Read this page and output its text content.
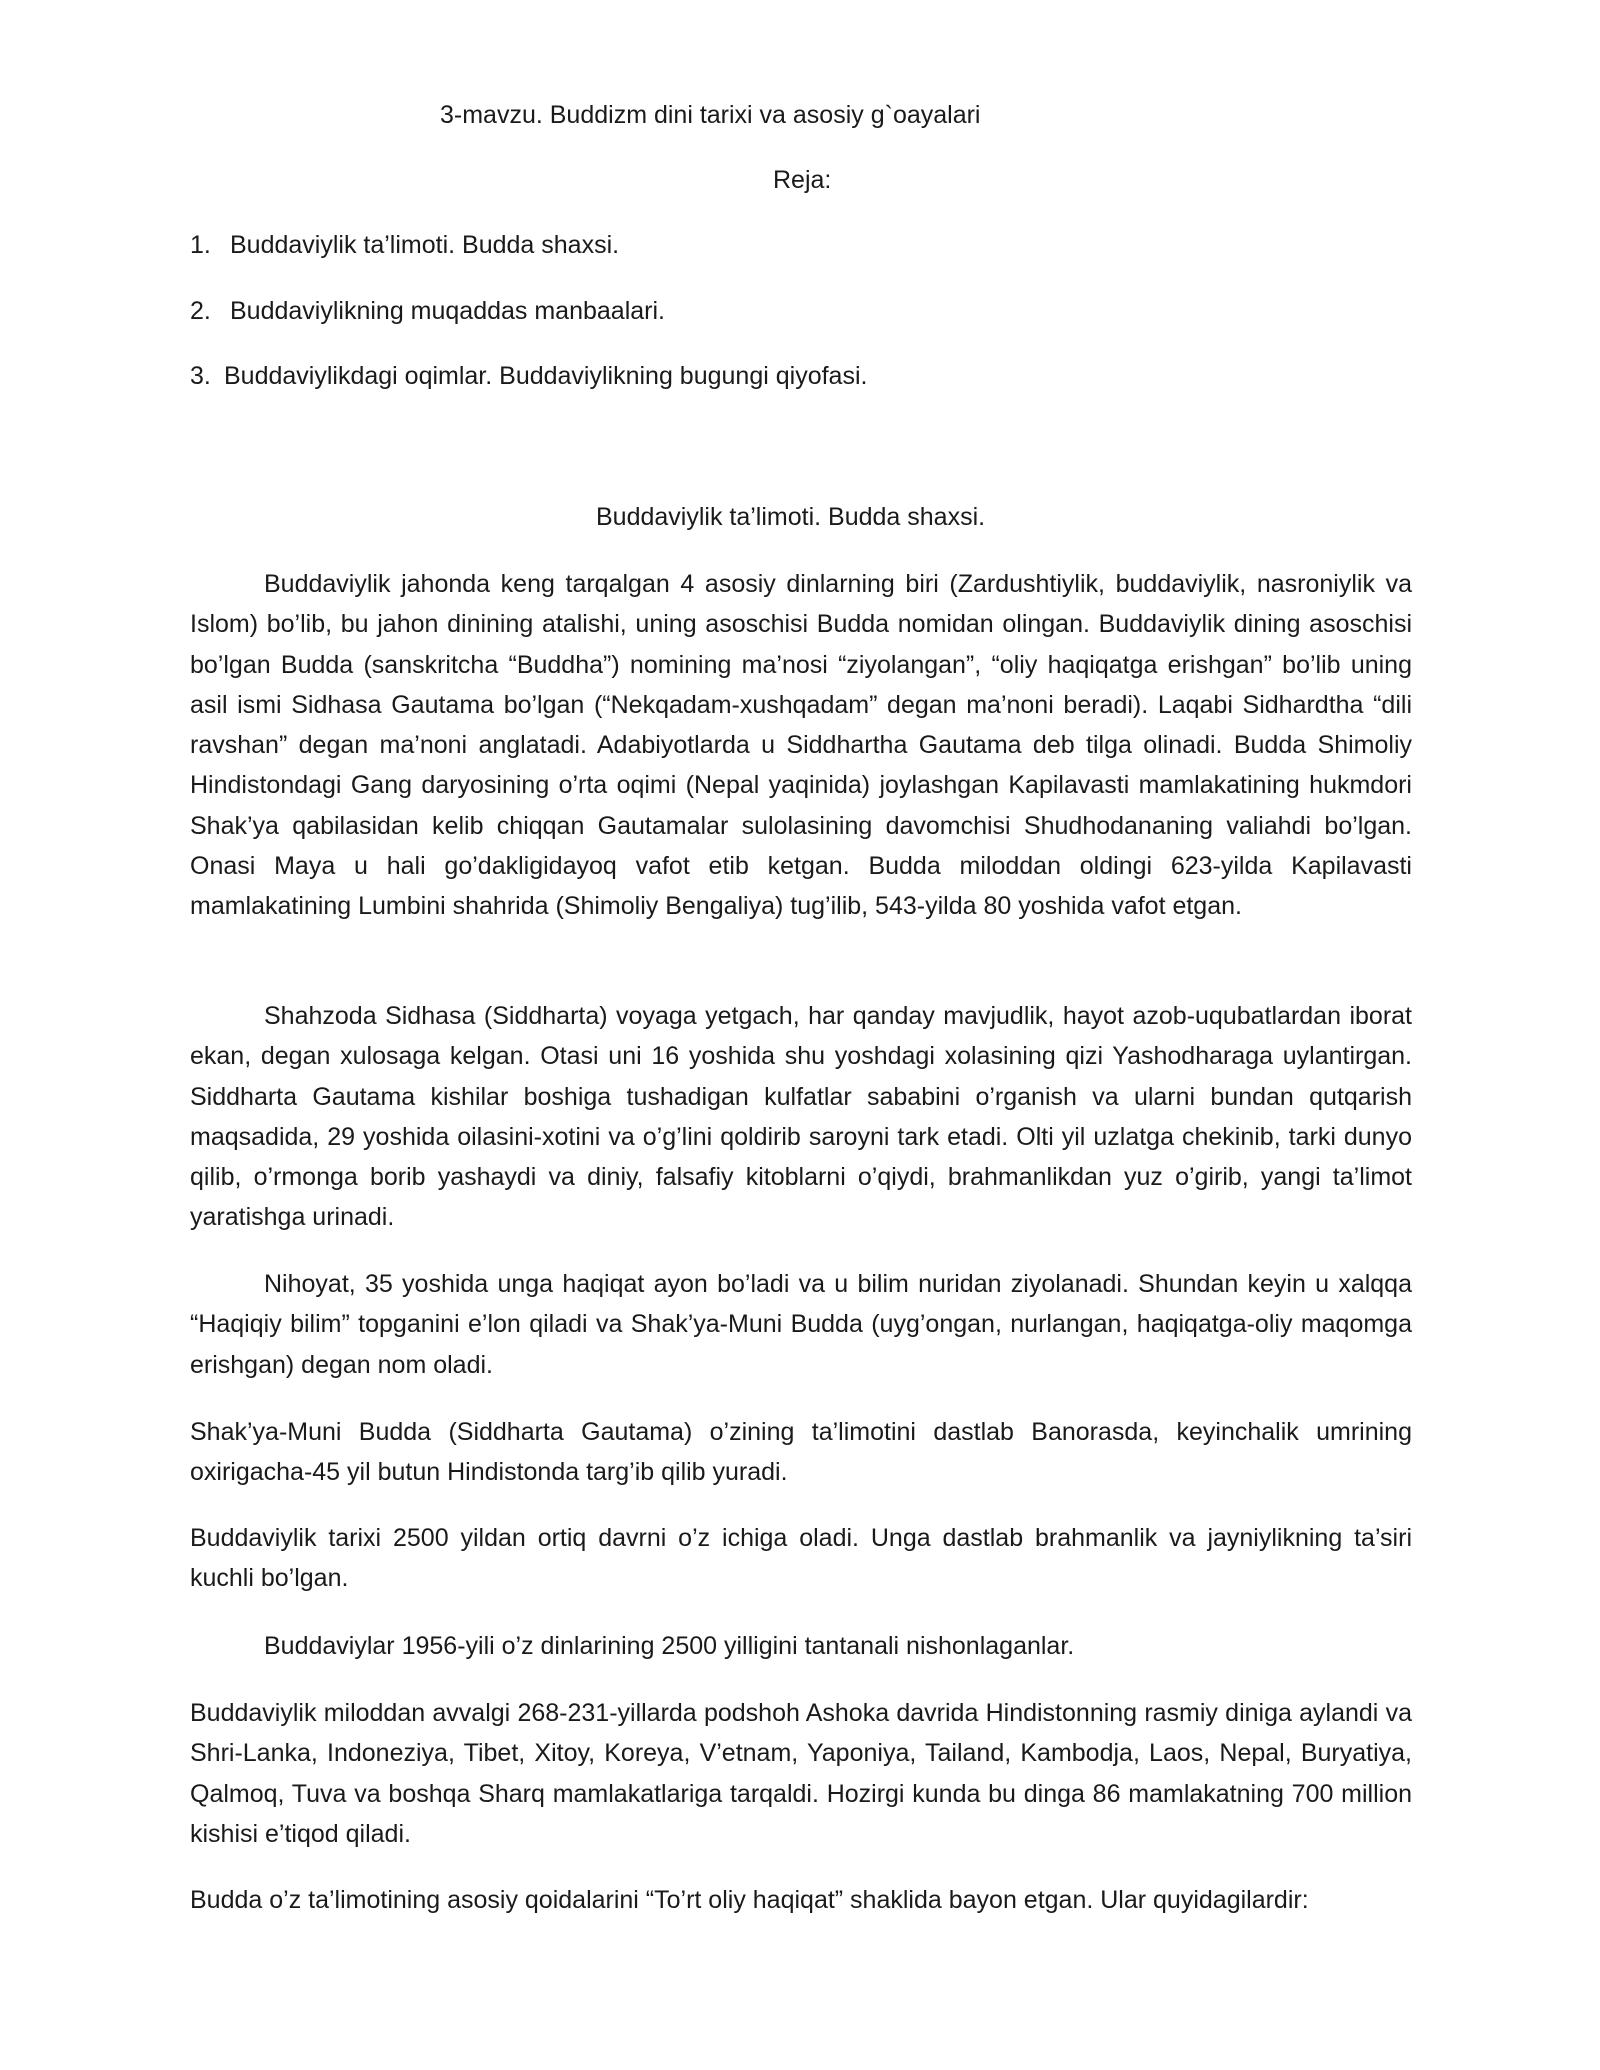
3-mavzu. Buddizm dini tarixi va asosiy g`oayalari
Reja:

1. Buddaviylik ta’limoti. Budda shaxsi.

2. Buddaviylikning muqaddas manbaalari.

3. Buddaviylikdagi oqimlar. Buddaviylikning bugungi qiyofasi.

Buddaviylik ta’limoti. Budda shaxsi.

Buddaviylik jahonda keng tarqalgan 4 asosiy dinlarning biri (Zardushtiylik, buddaviylik, nasroniylik va Islom) bo’lib, bu jahon dinining atalishi, uning asoschisi Budda nomidan olingan. Buddaviylik dining asoschisi bo’lgan Budda (sanskritcha “Buddha”) nomining ma’nosi “ziyolangan”, “oliy haqiqatga erishgan” bo’lib uning asil ismi Sidhasa Gautama bo’lgan (“Nekqadam-xushqadam” degan ma’noni beradi). Laqabi Sidhardtha “dili ravshan” degan ma’noni anglatadi. Adabiyotlarda u Siddhartha Gautama deb tilga olinadi. Budda Shimoliy Hindistondagi Gang daryosining o’rta oqimi (Nepal yaqinida) joylashgan Kapilavasti mamlakatining hukmdori Shak’ya qabilasidan kelib chiqqan Gautamalar sulolasining davomchisi Shudhodananing valiahdi bo’lgan. Onasi Maya u hali go’dakligidayoq vafot etib ketgan. Budda miloddan oldingi 623-yilda Kapilavasti mamlakatining Lumbini shahrida (Shimoliy Bengaliya) tug’ilib, 543-yilda 80 yoshida vafot etgan.

Shahzoda Sidhasa (Siddharta) voyaga yetgach, har qanday mavjudlik, hayot azob-uqubatlardan iborat ekan, degan xulosaga kelgan. Otasi uni 16 yoshida shu yoshdagi xolasining qizi Yashodharaga uylantirgan. Siddharta Gautama kishilar boshiga tushadigan kulfatlar sababini o’rganish va ularni bundan qutqarish maqsadida, 29 yoshida oilasini-xotini va o’g’lini qoldirib saroyni tark etadi. Olti yil uzlatga chekinib, tarki dunyo qilib, o’rmonga borib yashaydi va diniy, falsafiy kitoblarni o’qiydi, brahmanlikdan yuz o’girib, yangi ta’limot yaratishga urinadi.

Nihoyat, 35 yoshida unga haqiqat ayon bo’ladi va u bilim nuridan ziyolanadi. Shundan keyin u xalqqa “Haqiqiy bilim” topganini e’lon qiladi va Shak’ya-Muni Budda (uyg’ongan, nurlangan, haqiqatga-oliy maqomga erishgan) degan nom oladi.

Shak’ya-Muni Budda (Siddharta Gautama) o’zining ta’limotini dastlab Banorasda, keyinchalik umrining oxirigacha-45 yil butun Hindistonda targ’ib qilib yuradi.

Buddaviylik tarixi 2500 yildan ortiq davrni o’z ichiga oladi. Unga dastlab brahmanlik va jayniylikning ta’siri kuchli bo’lgan.

Buddaviylar 1956-yili o’z dinlarining 2500 yilligini tantanali nishonlaganlar.

Buddaviylik miloddan avvalgi 268-231-yillarda podshoh Ashoka davrida Hindistonning rasmiy diniga aylandi va Shri-Lanka, Indoneziya, Tibet, Xitoy, Koreya, V’etnam, Yaponiya, Tailand, Kambodja, Laos, Nepal, Buryatiya, Qalmoq, Tuva va boshqa Sharq mamlakatlariga tarqaldi. Hozirgi kunda bu dinga 86 mamlakatning 700 million kishisi e’tiqod qiladi.

Budda o’z ta’limotining asosiy qoidalarini “To’rt oliy haqiqat” shaklida bayon etgan. Ular quyidagilardir:
